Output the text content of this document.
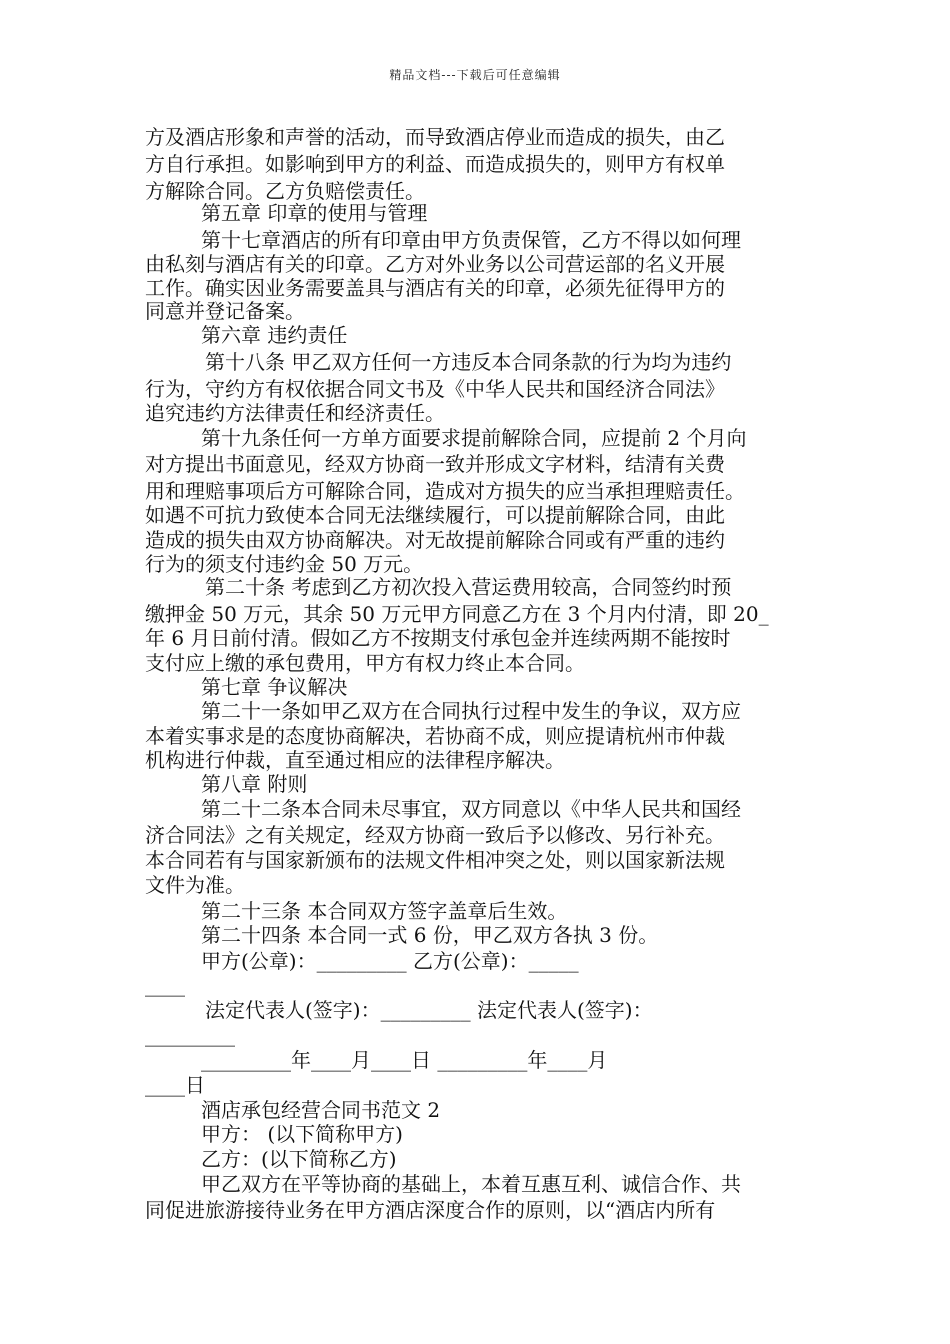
精品文档---下载后可任意编辑
方及酒店形象和声誉的活动，而导致酒店停业而造成的损失，由乙
方自行承担。如影响到甲方的利益、而造成损失的，则甲方有权单
方解除合同。乙方负赔偿责任。
第五章 印章的使用与管理
第十七章酒店的所有印章由甲方负责保管，乙方不得以如何理
由私刻与酒店有关的印章。乙方对外业务以公司营运部的名义开展
工作。确实因业务需要盖具与酒店有关的印章，必须先征得甲方的
同意并登记备案。
第六章 违约责任
第十八条 甲乙双方任何一方违反本合同条款的行为均为违约
行为，守约方有权依据合同文书及《中华人民共和国经济合同法》
追究违约方法律责任和经济责任。
第十九条任何一方单方面要求提前解除合同，应提前 2 个月向
对方提出书面意见，经双方协商一致并形成文字材料，结清有关费
用和理赔事项后方可解除合同，造成对方损失的应当承担理赔责任。
如遇不可抗力致使本合同无法继续履行，可以提前解除合同，由此
造成的损失由双方协商解决。对无故提前解除合同或有严重的违约
行为的须支付违约金 50 万元。
第二十条 考虑到乙方初次投入营运费用较高，合同签约时预
缴押金 50 万元，其余 50 万元甲方同意乙方在 3 个月内付清，即 20_
年 6 月日前付清。假如乙方不按期支付承包金并连续两期不能按时
支付应上缴的承包费用，甲方有权力终止本合同。
第七章 争议解决
第二十一条如甲乙双方在合同执行过程中发生的争议，双方应
本着实事求是的态度协商解决，若协商不成，则应提请杭州市仲裁
机构进行仲裁，直至通过相应的法律程序解决。
第八章 附则
第二十二条本合同未尽事宜，双方同意以《中华人民共和国经
济合同法》之有关规定，经双方协商一致后予以修改、另行补充。
本合同若有与国家新颁布的法规文件相冲突之处，则以国家新法规
文件为准。
第二十三条 本合同双方签字盖章后生效。
第二十四条 本合同一式 6 份，甲乙双方各执 3 份。
甲方(公章)：_________ 乙方(公章)：_____
____
法定代表人(签字)：_________ 法定代表人(签字)：
_________
_________年____月____日 _________年____月
____日
酒店承包经营合同书范文 2
甲方： (以下简称甲方)
乙方：(以下简称乙方)
甲乙双方在平等协商的基础上，本着互惠互利、诚信合作、共
同促进旅游接待业务在甲方酒店深度合作的原则，以“酒店内所有
